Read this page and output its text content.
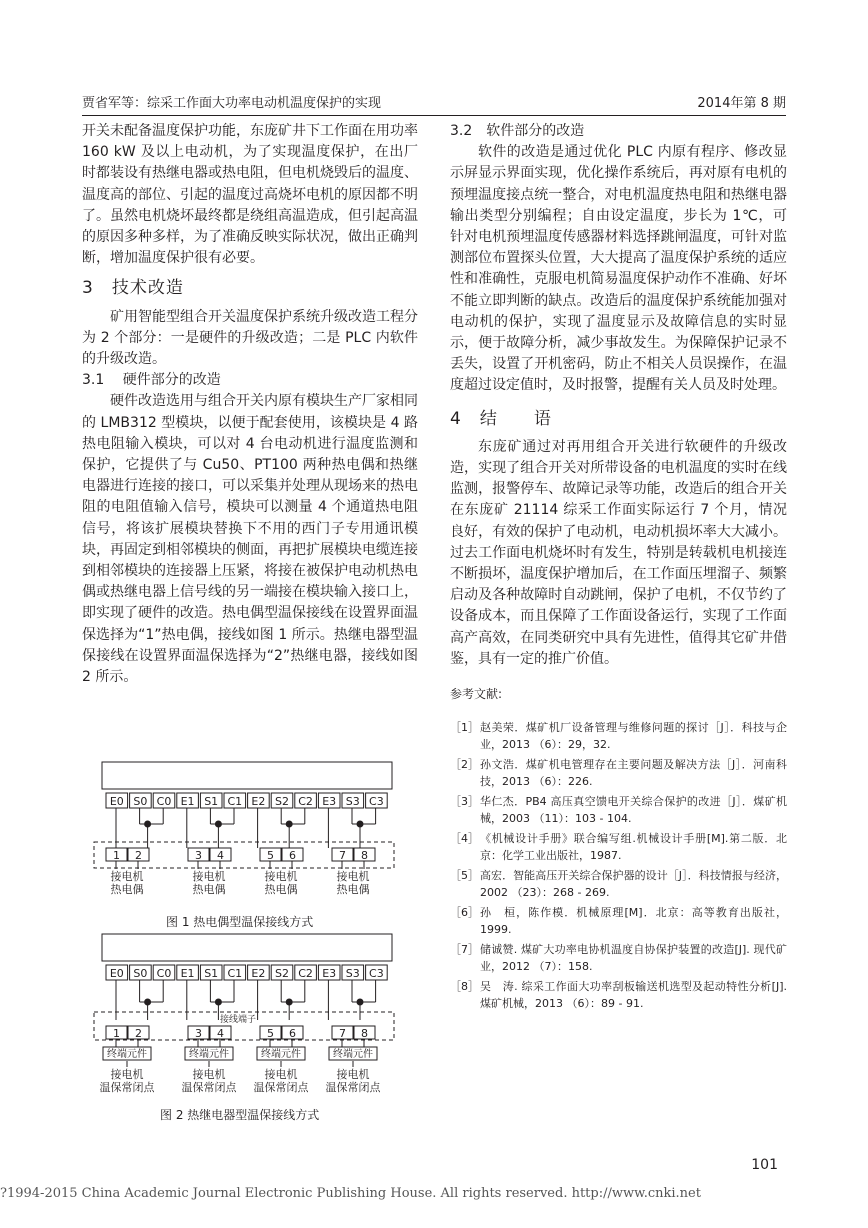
贾省军等：综采工作面大功率电动机温度保护的实现	2014年第 8 期

开关未配备温度保护功能，东庞矿井下工作面在用功率 160 kW 及以上电动机，为了实现温度保护，在出厂时都装设有热继电器或热电阻，但电机烧毁后的温度、温度高的部位、引起的温度过高烧坏电机的原因都不明了。虽然电机烧坏最终都是绕组高温造成，但引起高温的原因多种多样，为了准确反映实际状况，做出正确判断，增加温度保护很有必要。

3　技术改造

矿用智能型组合开关温度保护系统升级改造工程分为 2 个部分：一是硬件的升级改造；二是 PLC 内软件的升级改造。

3.1　 硬件部分的改造

硬件改造选用与组合开关内原有模块生产厂家相同的 LMB312 型模块，以便于配套使用，该模块是 4 路热电阻输入模块，可以对 4 台电动机进行温度监测和保护，它提供了与 Cu50、PT100 两种热电偶和热继电器进行连接的接口，可以采集并处理从现场来的热电阻的电阻值输入信号，模块可以测量 4 个通道热电阻信号，将该扩展模块替换下不用的西门子专用通讯模块，再固定到相邻模块的侧面，再把扩展模块电缆连接到相邻模块的连接器上压紧，将接在被保护电动机热电偶或热继电器上信号线的另一端接在模块输入接口上，即实现了硬件的改造。热电偶型温保接线在设置界面温保选择为“1”热电偶，接线如图 1 所示。热继电器型温保接线在设置界面温保选择为“2”热继电器，接线如图 2 所示。

E0 S0 C0 E1 S1 C1 E2 S2 C2 E3 S3 C3
1 2	3 4	5 6	7 8
接电机
热电偶
接电机
热电偶
接电机
热电偶
接电机
热电偶
图 1 热电偶型温保接线方式
E0 S0 C0 E1 S1 C1 E2 S2 C2 E3 S3 C3
接线端子
1 2	3 4	5 6	7 8
终端元件
接电机
温保常闭点
终端元件
接电机
温保常闭点
终端元件
接电机
温保常闭点
终端元件
接电机
温保常闭点
图 2 热继电器型温保接线方式

3.2　软件部分的改造

软件的改造是通过优化 PLC 内原有程序、修改显示屏显示界面实现，优化操作系统后，再对原有电机的预埋温度接点统一整合，对电机温度热电阻和热继电器输出类型分别编程；自由设定温度，步长为 1℃，可针对电机预埋温度传感器材料选择跳闸温度，可针对监测部位布置探头位置，大大提高了温度保护系统的适应性和准确性，克服电机简易温度保护动作不准确、好坏不能立即判断的缺点。改造后的温度保护系统能加强对电动机的保护，实现了温度显示及故障信息的实时显示，便于故障分析，减少事故发生。为保障保护记录不丢失，设置了开机密码，防止不相关人员误操作，在温度超过设定值时，及时报警，提醒有关人员及时处理。

4　结　　语

东庞矿通过对再用组合开关进行软硬件的升级改造，实现了组合开关对所带设备的电机温度的实时在线监测，报警停车、故障记录等功能，改造后的组合开关在东庞矿 21114 综采工作面实际运行 7 个月，情况良好，有效的保护了电动机，电动机损坏率大大减小。过去工作面电机烧坏时有发生，特别是转载机电机接连不断损坏，温度保护增加后，在工作面压埋溜子、频繁启动及各种故障时自动跳闸，保护了电机，不仅节约了设备成本，而且保障了工作面设备运行，实现了工作面高产高效，在同类研究中具有先进性，值得其它矿井借鉴，具有一定的推广价值。

参考文献:

［1］ 赵美荣．煤矿机厂设备管理与维修问题的探讨［J］．科技与企业，2013 （6）：29，32.
［2］ 孙文浩．煤矿机电管理存在主要问题及解决方法［J］．河南科技，2013 （6）：226.
［3］ 华仁杰．PB4 高压真空馈电开关综合保护的改进［J］．煤矿机械，2003 （11）：103 - 104.
［4］ 《机械设计手册》联合编写组.机械设计手册[M].第二版．北京：化学工业出版社，1987.
［5］ 高宏．智能高压开关综合保护器的设计［J］．科技情报与经济，2002 （23）：268 - 269.
［6］ 孙　桓，陈作模．机械原理[M]．北京：高等教育出版社，1999.
［7］ 储诚赞. 煤矿大功率电协机温度自协保护装置的改造[J]. 现代矿业，2012 （7）：158.
［8］ 吴　涛. 综采工作面大功率刮板输送机选型及起动特性分析[J]. 煤矿机械，2013 （6）：89 - 91.
101
?1994-2015 China Academic Journal Electronic Publishing House. All rights reserved. http://www.cnki.net
